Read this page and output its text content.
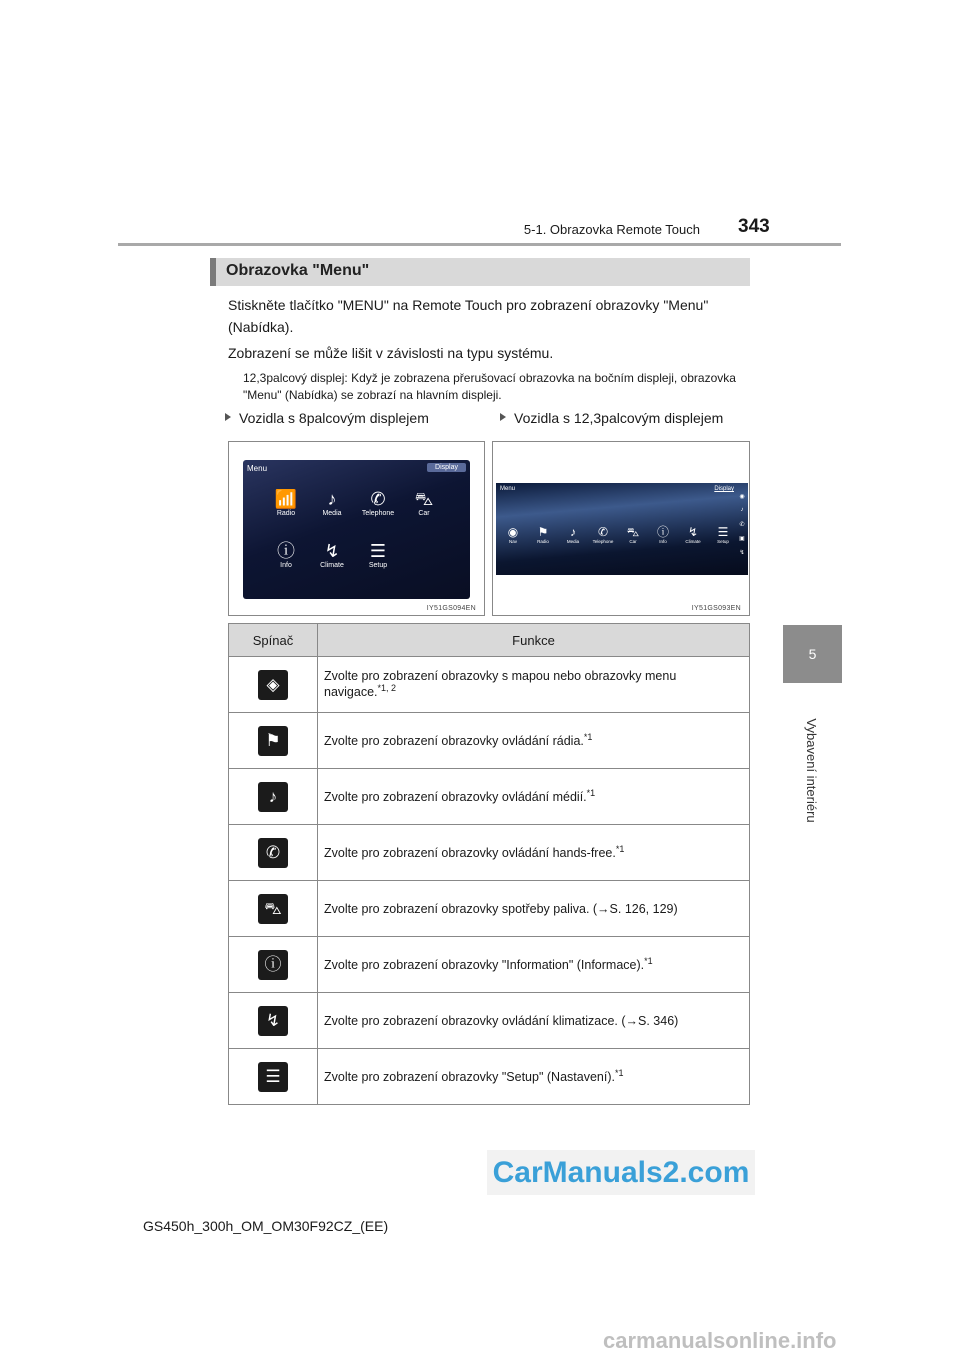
5-1. Obrazovka Remote Touch 343
5
Vybavení interiéru
Obrazovka "Menu"
Stiskněte tlačítko "MENU" na Remote Touch pro zobrazení obrazovky "Menu" (Nabídka).
Zobrazení se může lišit v závislosti na typu systému.
12,3palcový displej: Když je zobrazena přerušovací obrazovka na bočním displeji, obrazovka "Menu" (Nabídka) se zobrazí na hlavním displeji.
Vozidla s 8palcovým displejem	Vozidla s 12,3palcovým displejem
Menu	Display
📶
Radio
♪
Media
✆
Telephone
⛍
Car
ⓘ
Info
↯
Climate
☰
Setup
IY51GS094EN
Menu	Display
◉
Nav
⚑
Radio
♪
Media
✆
Telephone
⛍
Car
ⓘ
Info
↯
Climate
☰
Setup
◉
♪
✆
▣
↯
IY51GS093EN
Spínač	Funkce
◈	Zvolte pro zobrazení obrazovky s mapou nebo obrazovky menu navigace.$^{*1, 2}$
⚑	Zvolte pro zobrazení obrazovky ovládání rádia.$^{*1}$
♪	Zvolte pro zobrazení obrazovky ovládání médií.$^{*1}$
✆	Zvolte pro zobrazení obrazovky ovládání hands-free.$^{*1}$
⛍	Zvolte pro zobrazení obrazovky spotřeby paliva. (→S. 126, 129)
ⓘ	Zvolte pro zobrazení obrazovky "Information" (Informace).$^{*1}$
↯	Zvolte pro zobrazení obrazovky ovládání klimatizace. (→S. 346)
☰	Zvolte pro zobrazení obrazovky "Setup" (Nastavení).$^{*1}$
CarManuals2.com
GS450h_300h_OM_OM30F92CZ_(EE)
carmanualsonline.info
